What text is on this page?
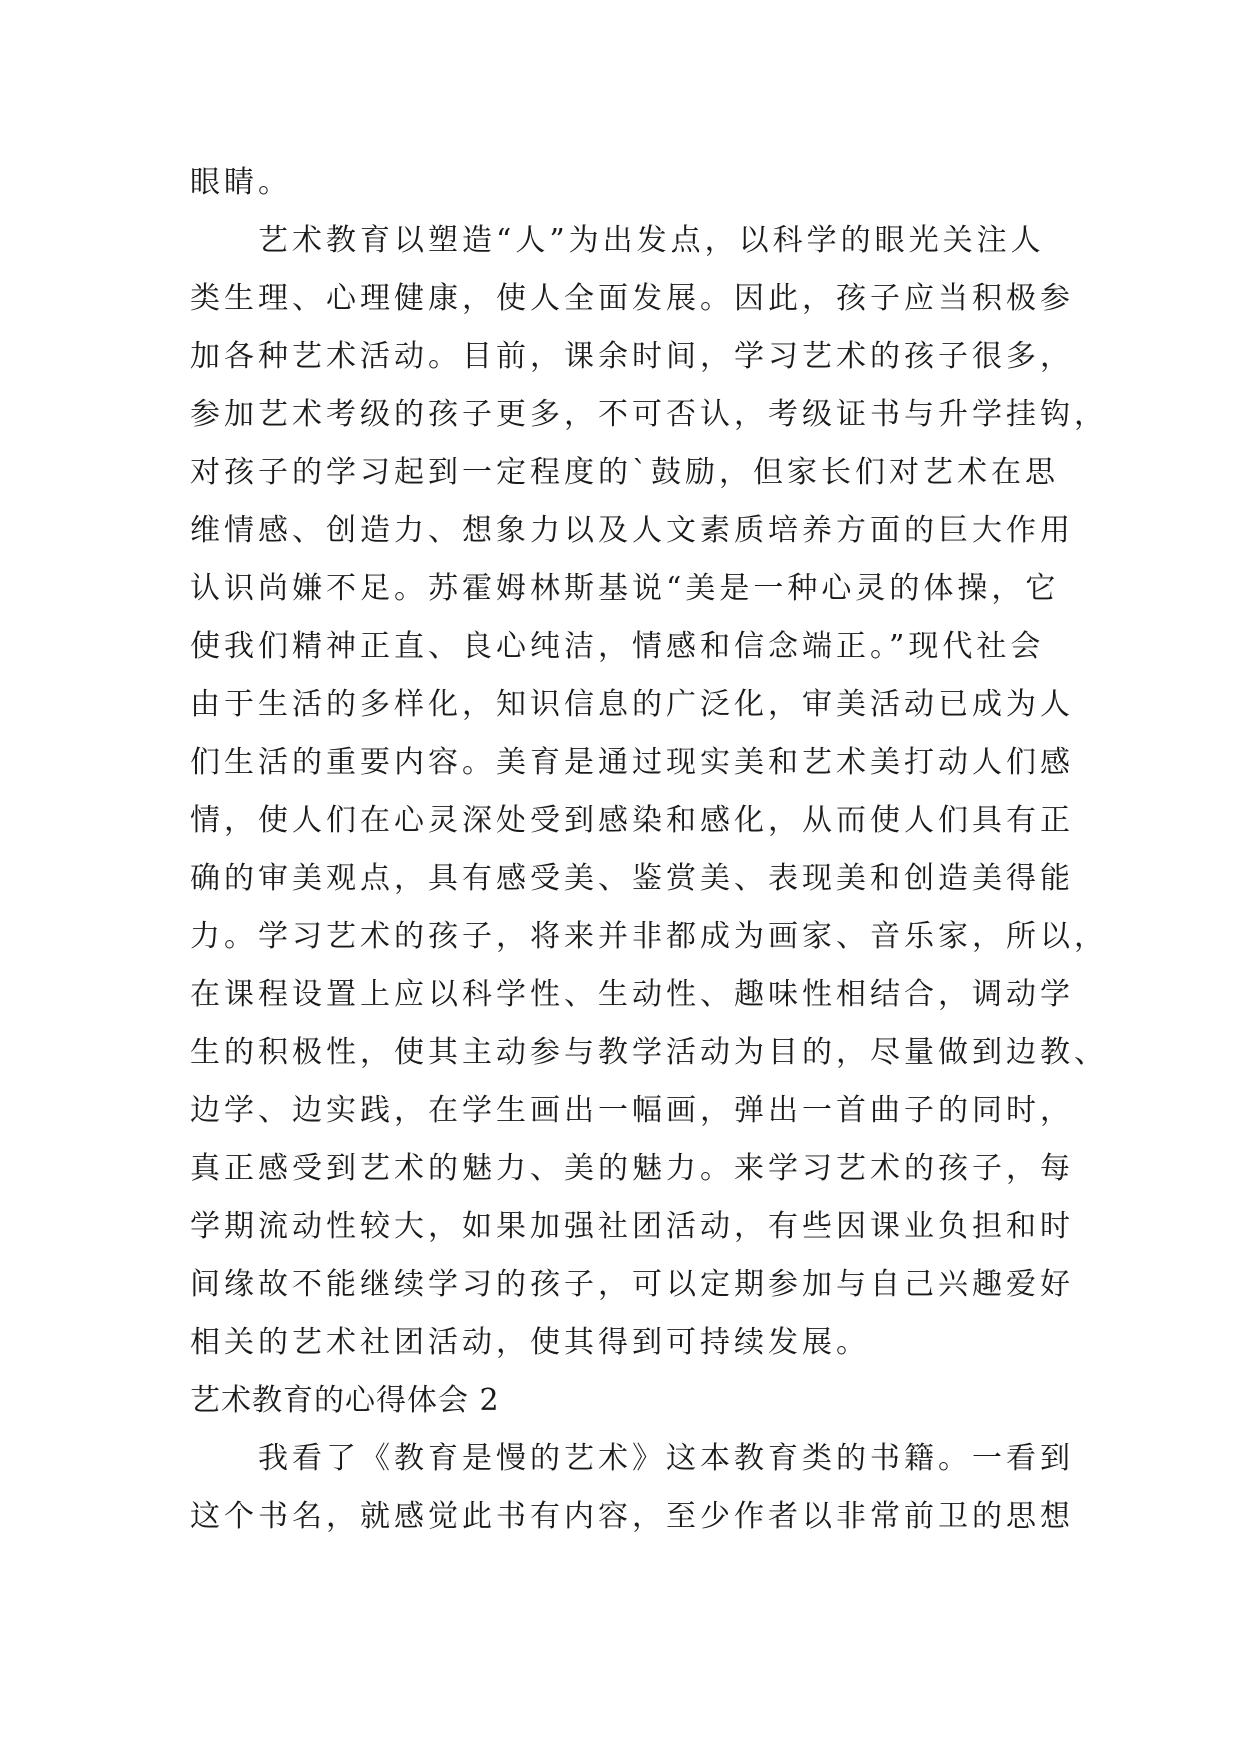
眼睛。
艺术教育以塑造“人”为出发点，以科学的眼光关注人
类生理、心理健康，使人全面发展。因此，孩子应当积极参
加各种艺术活动。目前，课余时间，学习艺术的孩子很多，
参加艺术考级的孩子更多，不可否认，考级证书与升学挂钩，
对孩子的学习起到一定程度的`鼓励，但家长们对艺术在思
维情感、创造力、想象力以及人文素质培养方面的巨大作用
认识尚嫌不足。苏霍姆林斯基说“美是一种心灵的体操，它
使我们精神正直、良心纯洁，情感和信念端正。”现代社会
由于生活的多样化，知识信息的广泛化，审美活动已成为人
们生活的重要内容。美育是通过现实美和艺术美打动人们感
情，使人们在心灵深处受到感染和感化，从而使人们具有正
确的审美观点，具有感受美、鉴赏美、表现美和创造美得能
力。学习艺术的孩子，将来并非都成为画家、音乐家，所以，
在课程设置上应以科学性、生动性、趣味性相结合，调动学
生的积极性，使其主动参与教学活动为目的，尽量做到边教、
边学、边实践，在学生画出一幅画，弹出一首曲子的同时，
真正感受到艺术的魅力、美的魅力。来学习艺术的孩子，每
学期流动性较大，如果加强社团活动，有些因课业负担和时
间缘故不能继续学习的孩子，可以定期参加与自己兴趣爱好
相关的艺术社团活动，使其得到可持续发展。
艺术教育的心得体会 2
我看了《教育是慢的艺术》这本教育类的书籍。一看到
这个书名，就感觉此书有内容，至少作者以非常前卫的思想
